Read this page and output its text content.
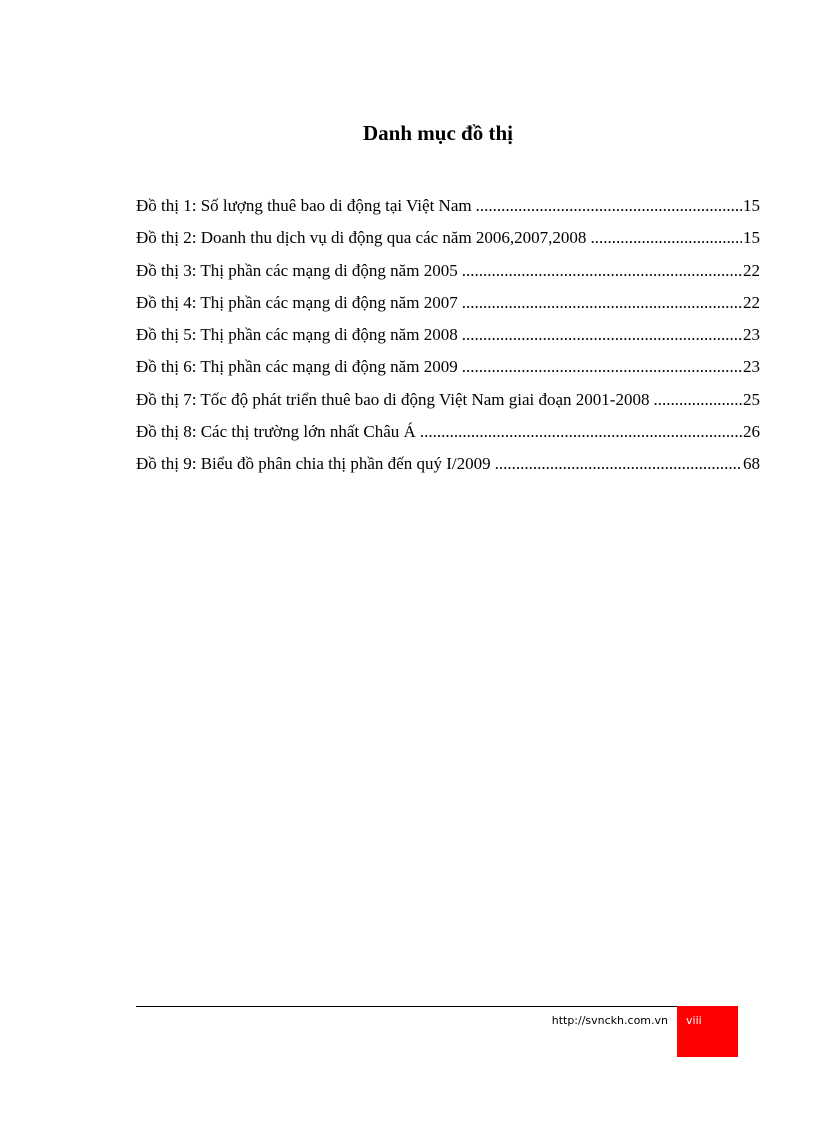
Danh mục đồ thị
Đồ thị 1: Số lượng thuê bao di động tại Việt Nam .....	15
Đồ thị 2: Doanh thu dịch vụ di động qua các năm 2006,2007,2008 .....	15
Đồ thị 3: Thị phần các mạng di động năm 2005 .....	22
Đồ thị 4: Thị phần các mạng di động năm 2007 .....	22
Đồ thị 5: Thị phần các mạng di động năm 2008 .....	23
Đồ thị 6: Thị phần các mạng di động năm 2009 .....	23
Đồ thị 7: Tốc độ phát triển thuê bao di động Việt Nam giai đoạn 2001-2008 .....	25
Đồ thị 8: Các thị trường lớn nhất Châu Á .....	26
Đồ thị 9: Biểu đồ phân chia thị phần đến quý I/2009 .....	68
http://svnckh.com.vn viii
